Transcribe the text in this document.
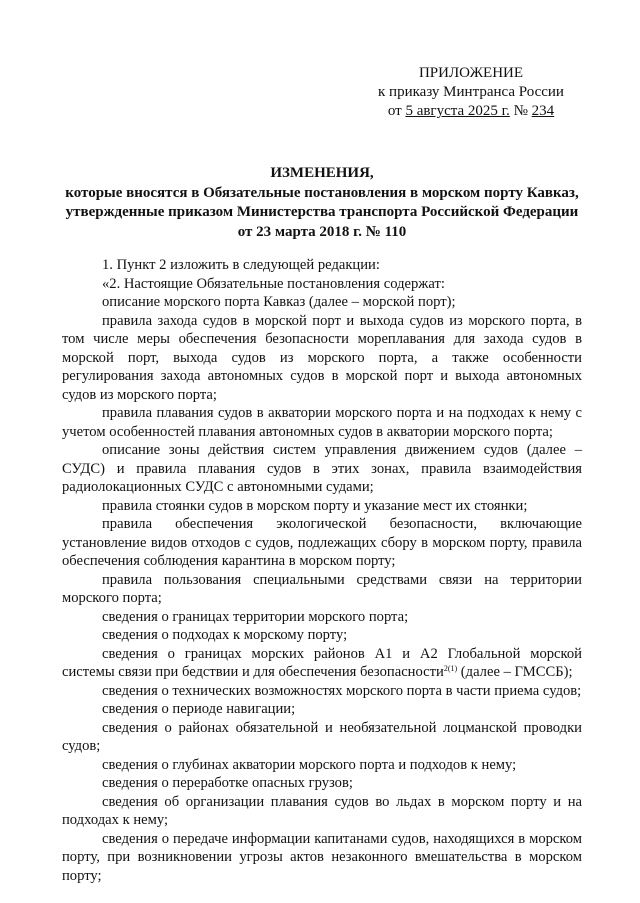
ПРИЛОЖЕНИЕ
к приказу Минтранса России
от 5 августа 2025 г. № 234
ИЗМЕНЕНИЯ,
которые вносятся в Обязательные постановления в морском порту Кавказ,
утвержденные приказом Министерства транспорта Российской Федерации
от 23 марта 2018 г. № 110

1. Пункт 2 изложить в следующей редакции:

«2. Настоящие Обязательные постановления содержат:

описание морского порта Кавказ (далее – морской порт);

правила захода судов в морской порт и выхода судов из морского порта, в том числе меры обеспечения безопасности мореплавания для захода судов в морской порт, выхода судов из морского порта, а также особенности регулирования захода автономных судов в морской порт и выхода автономных судов из морского порта;

правила плавания судов в акватории морского порта и на подходах к нему с учетом особенностей плавания автономных судов в акватории морского порта;

описание зоны действия систем управления движением судов (далее – СУДС) и правила плавания судов в этих зонах, правила взаимодействия радиолокационных СУДС с автономными судами;

правила стоянки судов в морском порту и указание мест их стоянки;

правила обеспечения экологической безопасности, включающие установление видов отходов с судов, подлежащих сбору в морском порту, правила обеспечения соблюдения карантина в морском порту;

правила пользования специальными средствами связи на территории морского порта;

сведения о границах территории морского порта;

сведения о подходах к морскому порту;

сведения о границах морских районов А1 и А2 Глобальной морской системы связи при бедствии и для обеспечения безопасности$^{2(1)}$ (далее – ГМССБ);

сведения о технических возможностях морского порта в части приема судов;

сведения о периоде навигации;

сведения о районах обязательной и необязательной лоцманской проводки судов;

сведения о глубинах акватории морского порта и подходов к нему;

сведения о переработке опасных грузов;

сведения об организации плавания судов во льдах в морском порту и на подходах к нему;

сведения о передаче информации капитанами судов, находящихся в морском порту, при возникновении угрозы актов незаконного вмешательства в морском порту;
